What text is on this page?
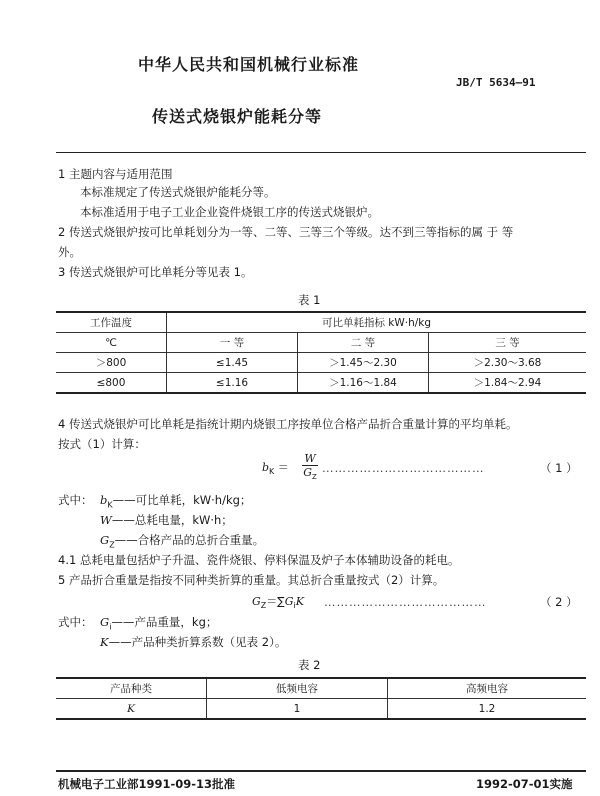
中华人民共和国机械行业标准
JB/T 5634—91
传送式烧银炉能耗分等
1 主题内容与适用范围
本标准规定了传送式烧银炉能耗分等。
本标准适用于电子工业企业瓷件烧银工序的传送式烧银炉。
2 传送式烧银炉按可比单耗划分为一等、二等、三等三个等级。达不到三等指标的属 于 等
外。
3 传送式烧银炉可比单耗分等见表 1。
表 1
工作温度	可比单耗指标 kW·h/kg		
℃	一 等	二 等	三 等
＞800	≤1.45	＞1.45～2.30	＞2.30～3.68
≤800	≤1.16	＞1.16～1.84	＞1.84～2.94
4 传送式烧银炉可比单耗是指统计期内烧银工序按单位合格产品折合重量计算的平均单耗。
按式（1）计算：
$b_K$ ＝
W
$G_Z$
…………………………………	（ 1 ）
式中： $b_K——$可比单耗，kW·h/kg；
W——总耗电量，kW·h；
$G_Z——$合格产品的总折合重量。
4.1 总耗电量包括炉子升温、瓷件烧银、停料保温及炉子本体辅助设备的耗电。
5 产品折合重量是指按不同种类折算的重量。其总折合重量按式（2）计算。
$G_Z=\sum G_iK$ …………………………………	（ 2 ）
式中： $G_i——$产品重量，kg；
K——产品种类折算系数（见表 2）。
表 2
产品种类	低频电容	高频电容
K	1	1.2
机械电子工业部1991-09-13批准	1992-07-01实施
